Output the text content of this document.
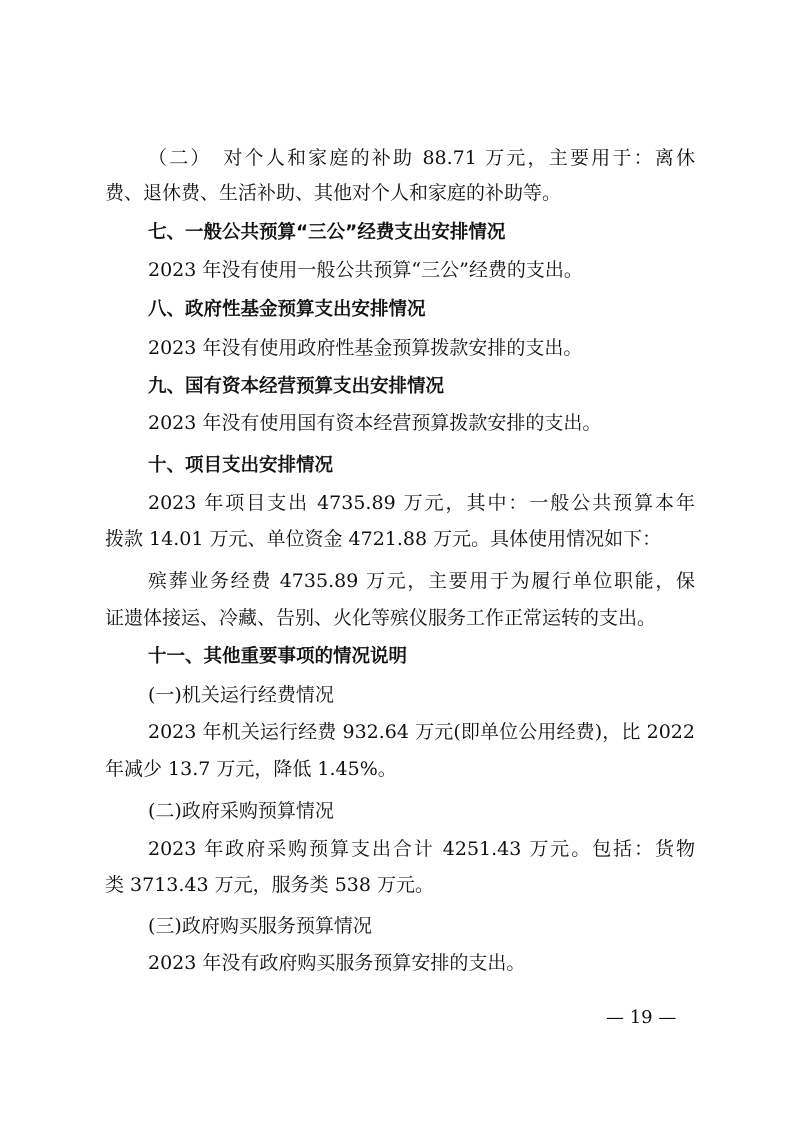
（二）　对个人和家庭的补助 88.71 万元，主要用于：离休
费、退休费、生活补助、其他对个人和家庭的补助等。
七、一般公共预算“三公”经费支出安排情况
2023 年没有使用一般公共预算“三公”经费的支出。
八、政府性基金预算支出安排情况
2023 年没有使用政府性基金预算拨款安排的支出。
九、国有资本经营预算支出安排情况
2023 年没有使用国有资本经营预算拨款安排的支出。
十、项目支出安排情况
2023 年项目支出 4735.89 万元，其中：一般公共预算本年
拨款 14.01 万元、单位资金 4721.88 万元。具体使用情况如下：
殡葬业务经费 4735.89 万元，主要用于为履行单位职能，保
证遗体接运、冷藏、告别、火化等殡仪服务工作正常运转的支出。
十一、其他重要事项的情况说明
(一)机关运行经费情况
2023 年机关运行经费 932.64 万元(即单位公用经费)，比 2022
年减少 13.7 万元，降低 1.45%。
(二)政府采购预算情况
2023 年政府采购预算支出合计 4251.43 万元。包括：货物
类 3713.43 万元，服务类 538 万元。
(三)政府购买服务预算情况
2023 年没有政府购买服务预算安排的支出。
— 19 —
